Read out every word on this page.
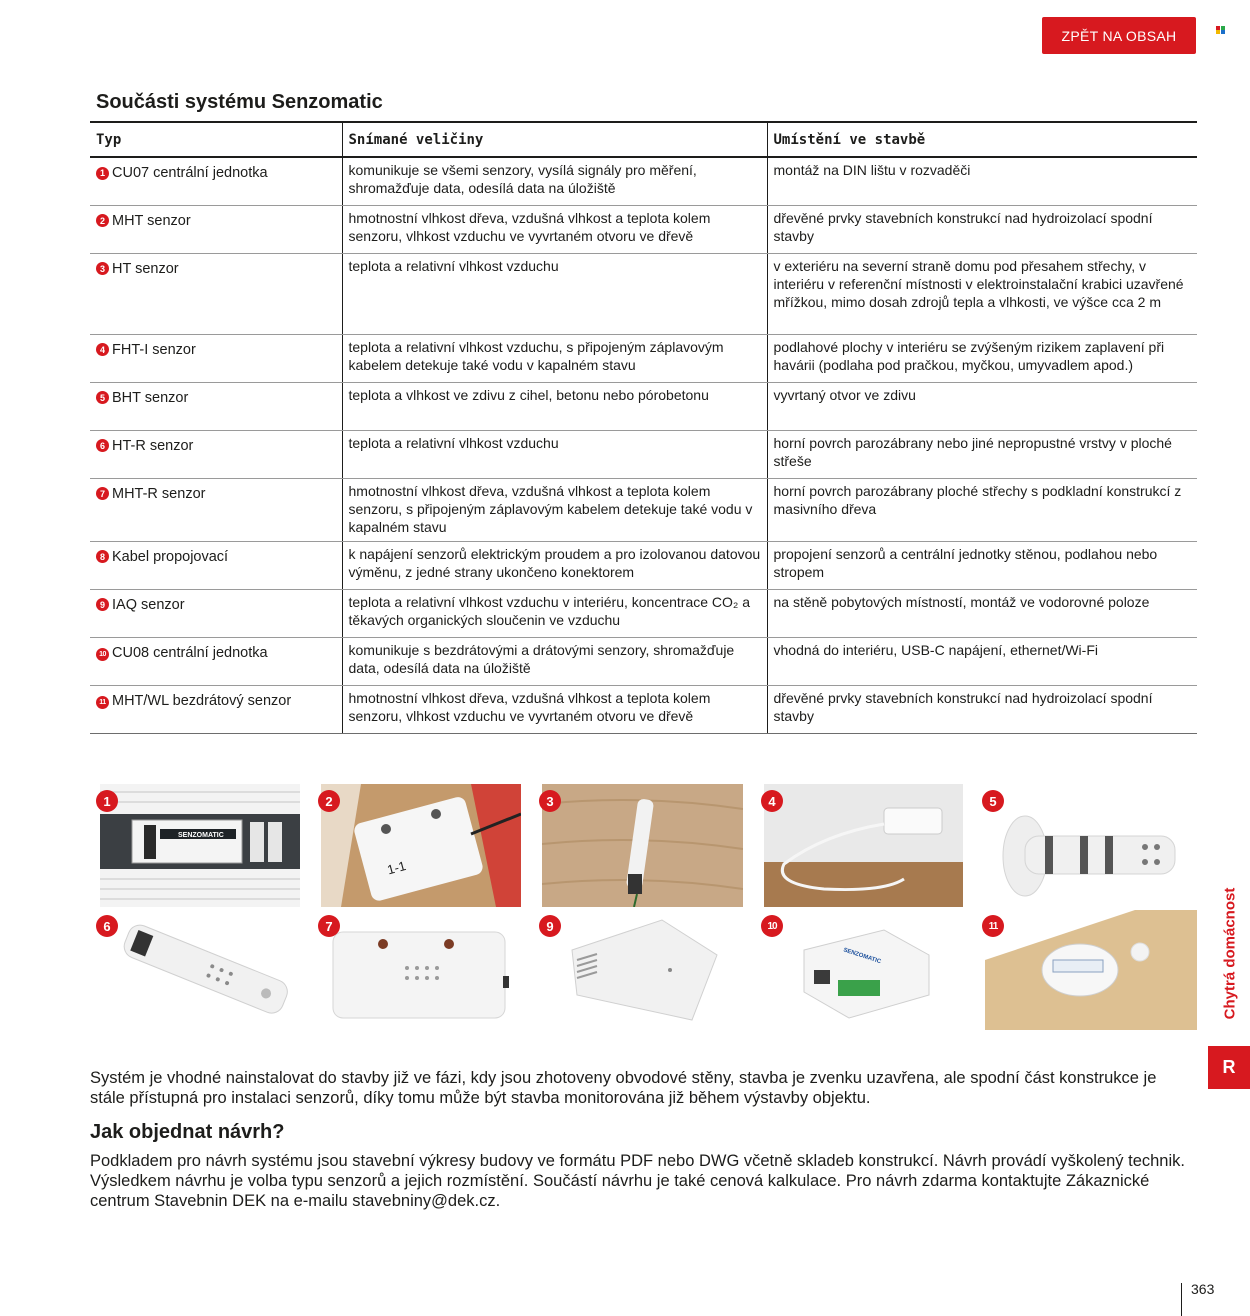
ZPĚT NA OBSAH
Součásti systému Senzomatic
Typ	Snímané veličiny	Umístění ve stavbě
1 CU07 centrální jednotka	komunikuje se všemi senzory, vysílá signály pro měření, shromažďuje data, odesílá data na úložiště	montáž na DIN lištu v rozvaděči
2 MHT senzor	hmotnostní vlhkost dřeva, vzdušná vlhkost a teplota kolem senzoru, vlhkost vzduchu ve vyvrtaném otvoru ve dřevě	dřevěné prvky stavebních konstrukcí nad hydroizolací spodní stavby
3 HT senzor	teplota a relativní vlhkost vzduchu	v exteriéru na severní straně domu pod přesahem střechy, v interiéru v referenční místnosti v elektroinstalační krabici uzavřené mřížkou, mimo dosah zdrojů tepla a vlhkosti, ve výšce cca 2 m
4 FHT-I senzor	teplota a relativní vlhkost vzduchu, s připojeným záplavovým kabelem detekuje také vodu v kapalném stavu	podlahové plochy v interiéru se zvýšeným rizikem zaplavení při havárii (podlaha pod pračkou, myčkou, umyvadlem apod.)
5 BHT senzor	teplota a vlhkost ve zdivu z cihel, betonu nebo pórobetonu	vyvrtaný otvor ve zdivu
6 HT-R senzor	teplota a relativní vlhkost vzduchu	horní povrch parozábrany nebo jiné nepropustné vrstvy v ploché střeše
7 MHT-R senzor	hmotnostní vlhkost dřeva, vzdušná vlhkost a teplota kolem senzoru, s připojeným záplavovým kabelem detekuje také vodu v kapalném stavu	horní povrch parozábrany ploché střechy s podkladní konstrukcí z masivního dřeva
8 Kabel propojovací	k napájení senzorů elektrickým proudem a pro izolovanou datovou výměnu, z jedné strany ukončeno konektorem	propojení senzorů a centrální jednotky stěnou, podlahou nebo stropem
9 IAQ senzor	teplota a relativní vlhkost vzduchu v interiéru, koncentrace CO₂ a těkavých organických sloučenin ve vzduchu	na stěně pobytových místností, montáž ve vodorovné poloze
10 CU08 centrální jednotka	komunikuje s bezdrátovými a drátovými senzory, shromažďuje data, odesílá data na úložiště	vhodná do interiéru, USB-C napájení, ethernet/Wi-Fi
11 MHT/WL bezdrátový senzor	hmotnostní vlhkost dřeva, vzdušná vlhkost a teplota kolem senzoru, vlhkost vzduchu ve vyvrtaném otvoru ve dřevě	dřevěné prvky stavebních konstrukcí nad hydroizolací spodní stavby
SENZOMATIC
1-1
SENZOMATIC
1	2	3	4	5
6	7	9	10	11
Systém je vhodné nainstalovat do stavby již ve fázi, kdy jsou zhotoveny obvodové stěny, stavba je zvenku uzavřena, ale spodní část konstrukce je stále přístupná pro instalaci senzorů, díky tomu může být stavba monitorována již během výstavby objektu.
Jak objednat návrh?
Podkladem pro návrh systému jsou stavební výkresy budovy ve formátu PDF nebo DWG včetně skladeb konstrukcí. Návrh provádí vyškolený technik. Výsledkem návrhu je volba typu senzorů a jejich rozmístění. Součástí návrhu je také cenová kalkulace. Pro návrh zdarma kontaktujte Zákaznické centrum Stavebnin DEK na e-mailu stavebniny@dek.cz.
Chytrá domácnost
R
363
